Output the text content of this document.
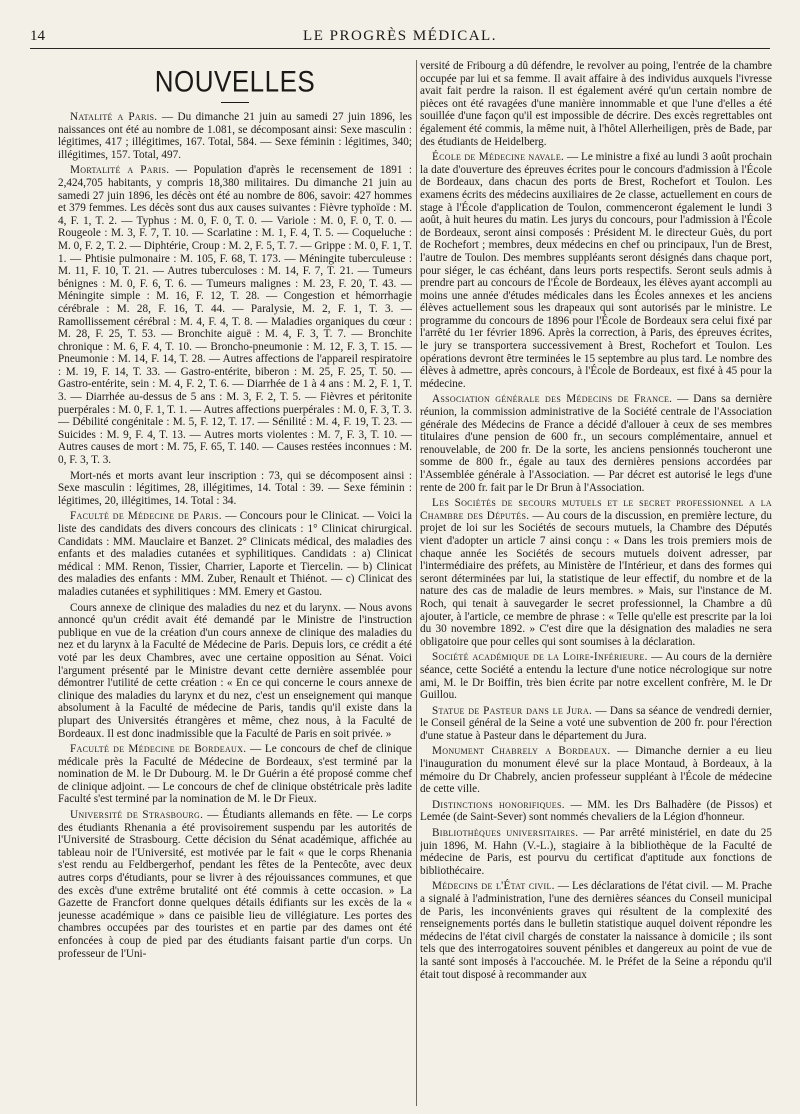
14	LE PROGRÈS MÉDICAL.
NOUVELLES

Natalité a Paris. — Du dimanche 21 juin au samedi 27 juin 1896, les naissances ont été au nombre de 1.081, se décomposant ainsi: Sexe masculin : légitimes, 417 ; illégitimes, 167. Total, 584. — Sexe féminin : légitimes, 340; illégitimes, 157. Total, 497.

Mortalité a Paris. — Population d'après le recensement de 1891 : 2,424,705 habitants, y compris 18,380 militaires. Du dimanche 21 juin au samedi 27 juin 1896, les décès ont été au nombre de 806, savoir: 427 hommes et 379 femmes. Les décès sont dus aux causes suivantes : Fièvre typhoïde : M. 4, F. 1, T. 2. — Typhus : M. 0, F. 0, T. 0. — Variole : M. 0, F. 0, T. 0. — Rougeole : M. 3, F. 7, T. 10. — Scarlatine : M. 1, F. 4, T. 5. — Coqueluche : M. 0, F. 2, T. 2. — Diphtérie, Croup : M. 2, F. 5, T. 7. — Grippe : M. 0, F. 1, T. 1. — Phtisie pulmonaire : M. 105, F. 68, T. 173. — Méningite tuberculeuse : M. 11, F. 10, T. 21. — Autres tuberculoses : M. 14, F. 7, T. 21. — Tumeurs bénignes : M. 0, F. 6, T. 6. — Tumeurs malignes : M. 23, F. 20, T. 43. — Méningite simple : M. 16, F. 12, T. 28. — Congestion et hémorrhagie cérébrale : M. 28, F. 16, T. 44. — Paralysie, M. 2, F. 1, T. 3. — Ramollissement cérébral : M. 4, F. 4, T. 8. — Maladies organiques du cœur : M. 28, F. 25, T. 53. — Bronchite aiguë : M. 4, F. 3, T. 7. — Bronchite chronique : M. 6, F. 4, T. 10. — Broncho-pneumonie : M. 12, F. 3, T. 15. — Pneumonie : M. 14, F. 14, T. 28. — Autres affections de l'appareil respiratoire : M. 19, F. 14, T. 33. — Gastro-entérite, biberon : M. 25, F. 25, T. 50. — Gastro-entérite, sein : M. 4, F. 2, T. 6. — Diarrhée de 1 à 4 ans : M. 2, F. 1, T. 3. — Diarrhée au-dessus de 5 ans : M. 3, F. 2, T. 5. — Fièvres et péritonite puerpérales : M. 0, F. 1, T. 1. — Autres affections puerpérales : M. 0, F. 3, T. 3. — Débilité congénitale : M. 5, F. 12, T. 17. — Sénilité : M. 4, F. 19, T. 23. — Suicides : M. 9, F. 4, T. 13. — Autres morts violentes : M. 7, F. 3, T. 10. — Autres causes de mort : M. 75, F. 65, T. 140. — Causes restées inconnues : M. 0, F. 3, T. 3.

Mort-nés et morts avant leur inscription : 73, qui se décomposent ainsi : Sexe masculin : légitimes, 28, illégitimes, 14. Total : 39. — Sexe féminin : légitimes, 20, illégitimes, 14. Total : 34.

Faculté de Médecine de Paris. — Concours pour le Clinicat. — Voici la liste des candidats des divers concours des clinicats : 1° Clinicat chirurgical. Candidats : MM. Mauclaire et Banzet. 2° Clinicats médical, des maladies des enfants et des maladies cutanées et syphilitiques. Candidats : a) Clinicat médical : MM. Renon, Tissier, Charrier, Laporte et Tiercelin. — b) Clinicat des maladies des enfants : MM. Zuber, Renault et Thiénot. — c) Clinicat des maladies cutanées et syphilitiques : MM. Emery et Gastou.

Cours annexe de clinique des maladies du nez et du larynx. — Nous avons annoncé qu'un crédit avait été demandé par le Ministre de l'instruction publique en vue de la création d'un cours annexe de clinique des maladies du nez et du larynx à la Faculté de Médecine de Paris. Depuis lors, ce crédit a été voté par les deux Chambres, avec une certaine opposition au Sénat. Voici l'argument présenté par le Ministre devant cette dernière assemblée pour démontrer l'utilité de cette création : « En ce qui concerne le cours annexe de clinique des maladies du larynx et du nez, c'est un enseignement qui manque absolument à la Faculté de médecine de Paris, tandis qu'il existe dans la plupart des Universités étrangères et même, chez nous, à la Faculté de Bordeaux. Il est donc inadmissible que la Faculté de Paris en soit privée. »

Faculté de Médecine de Bordeaux. — Le concours de chef de clinique médicale près la Faculté de Médecine de Bordeaux, s'est terminé par la nomination de M. le Dr Dubourg. M. le Dr Guérin a été proposé comme chef de clinique adjoint. — Le concours de chef de clinique obstétricale près ladite Faculté s'est terminé par la nomination de M. le Dr Fieux.

Université de Strasbourg. — Étudiants allemands en fête. — Le corps des étudiants Rhenania a été provisoirement suspendu par les autorités de l'Université de Strasbourg. Cette décision du Sénat académique, affichée au tableau noir de l'Université, est motivée par le fait « que le corps Rhenania s'est rendu au Feldbergerhof, pendant les fêtes de la Pentecôte, avec deux autres corps d'étudiants, pour se livrer à des réjouissances communes, et que des excès d'une extrême brutalité ont été commis à cette occasion. » La Gazette de Francfort donne quelques détails édifiants sur les excès de la « jeunesse académique » dans ce paisible lieu de villégiature. Les portes des chambres occupées par des touristes et en partie par des dames ont été enfoncées à coup de pied par des étudiants faisant partie d'un corps. Un professeur de l'Uni-

versité de Fribourg a dû défendre, le revolver au poing, l'entrée de la chambre occupée par lui et sa femme. Il avait affaire à des individus auxquels l'ivresse avait fait perdre la raison. Il est également avéré qu'un certain nombre de pièces ont été ravagées d'une manière innommable et que l'une d'elles a été souillée d'une façon qu'il est impossible de décrire. Des excès regrettables ont également été commis, la même nuit, à l'hôtel Allerheiligen, près de Bade, par des étudiants de Heidelberg.

École de Médecine navale. — Le ministre a fixé au lundi 3 août prochain la date d'ouverture des épreuves écrites pour le concours d'admission à l'École de Bordeaux, dans chacun des ports de Brest, Rochefort et Toulon. Les examens écrits des médecins auxiliaires de 2e classe, actuellement en cours de stage à l'École d'application de Toulon, commenceront également le lundi 3 août, à huit heures du matin. Les jurys du concours, pour l'admission à l'École de Bordeaux, seront ainsi composés : Président M. le directeur Guès, du port de Rochefort ; membres, deux médecins en chef ou principaux, l'un de Brest, l'autre de Toulon. Des membres suppléants seront désignés dans chaque port, pour siéger, le cas échéant, dans leurs ports respectifs. Seront seuls admis à prendre part au concours de l'École de Bordeaux, les élèves ayant accompli au moins une année d'études médicales dans les Écoles annexes et les anciens élèves actuellement sous les drapeaux qui sont autorisés par le ministre. Le programme du concours de 1896 pour l'École de Bordeaux sera celui fixé par l'arrêté du 1er février 1896. Après la correction, à Paris, des épreuves écrites, le jury se transportera successivement à Brest, Rochefort et Toulon. Les opérations devront être terminées le 15 septembre au plus tard. Le nombre des élèves à admettre, après concours, à l'École de Bordeaux, est fixé à 45 pour la médecine.

Association générale des Médecins de France. — Dans sa dernière réunion, la commission administrative de la Société centrale de l'Association générale des Médecins de France a décidé d'allouer à ceux de ses membres titulaires d'une pension de 600 fr., un secours complémentaire, annuel et renouvelable, de 200 fr. De la sorte, les anciens pensionnés toucheront une somme de 800 fr., égale au taux des dernières pensions accordées par l'Assemblée générale à l'Association. — Par décret est autorisé le legs d'une rente de 200 fr. fait par le Dr Brun à l'Association.

Les Sociétés de secours mutuels et le secret professionnel a la Chambre des Députés. — Au cours de la discussion, en première lecture, du projet de loi sur les Sociétés de secours mutuels, la Chambre des Députés vient d'adopter un article 7 ainsi conçu : « Dans les trois premiers mois de chaque année les Sociétés de secours mutuels doivent adresser, par l'intermédiaire des préfets, au Ministère de l'Intérieur, et dans des formes qui seront déterminées par lui, la statistique de leur effectif, du nombre et de la nature des cas de maladie de leurs membres. » Mais, sur l'instance de M. Roch, qui tenait à sauvegarder le secret professionnel, la Chambre a dû ajouter, à l'article, ce membre de phrase : « Telle qu'elle est prescrite par la loi du 30 novembre 1892. » C'est dire que la désignation des maladies ne sera obligatoire que pour celles qui sont soumises à la déclaration.

Société académique de la Loire-Inférieure. — Au cours de la dernière séance, cette Société a entendu la lecture d'une notice nécrologique sur notre ami, M. le Dr Boiffin, très bien écrite par notre excellent confrère, M. le Dr Guillou.

Statue de Pasteur dans le Jura. — Dans sa séance de vendredi dernier, le Conseil général de la Seine a voté une subvention de 200 fr. pour l'érection d'une statue à Pasteur dans le département du Jura.

Monument Chabrely a Bordeaux. — Dimanche dernier a eu lieu l'inauguration du monument élevé sur la place Montaud, à Bordeaux, à la mémoire du Dr Chabrely, ancien professeur suppléant à l'École de médecine de cette ville.

Distinctions honorifiques. — MM. les Drs Balhadère (de Pissos) et Lemée (de Saint-Sever) sont nommés chevaliers de la Légion d'honneur.

Bibliothèques universitaires. — Par arrêté ministériel, en date du 25 juin 1896, M. Hahn (V.-L.), stagiaire à la bibliothèque de la Faculté de médecine de Paris, est pourvu du certificat d'aptitude aux fonctions de bibliothécaire.

Médecins de l'État civil. — Les déclarations de l'état civil. — M. Prache a signalé à l'administration, l'une des dernières séances du Conseil municipal de Paris, les inconvénients graves qui résultent de la complexité des renseignements portés dans le bulletin statistique auquel doivent répondre les médecins de l'état civil chargés de constater la naissance à domicile ; ils sont tels que des interrogatoires souvent pénibles et dangereux au point de vue de la santé sont imposés à l'accouchée. M. le Préfet de la Seine a répondu qu'il était tout disposé à recommander aux
